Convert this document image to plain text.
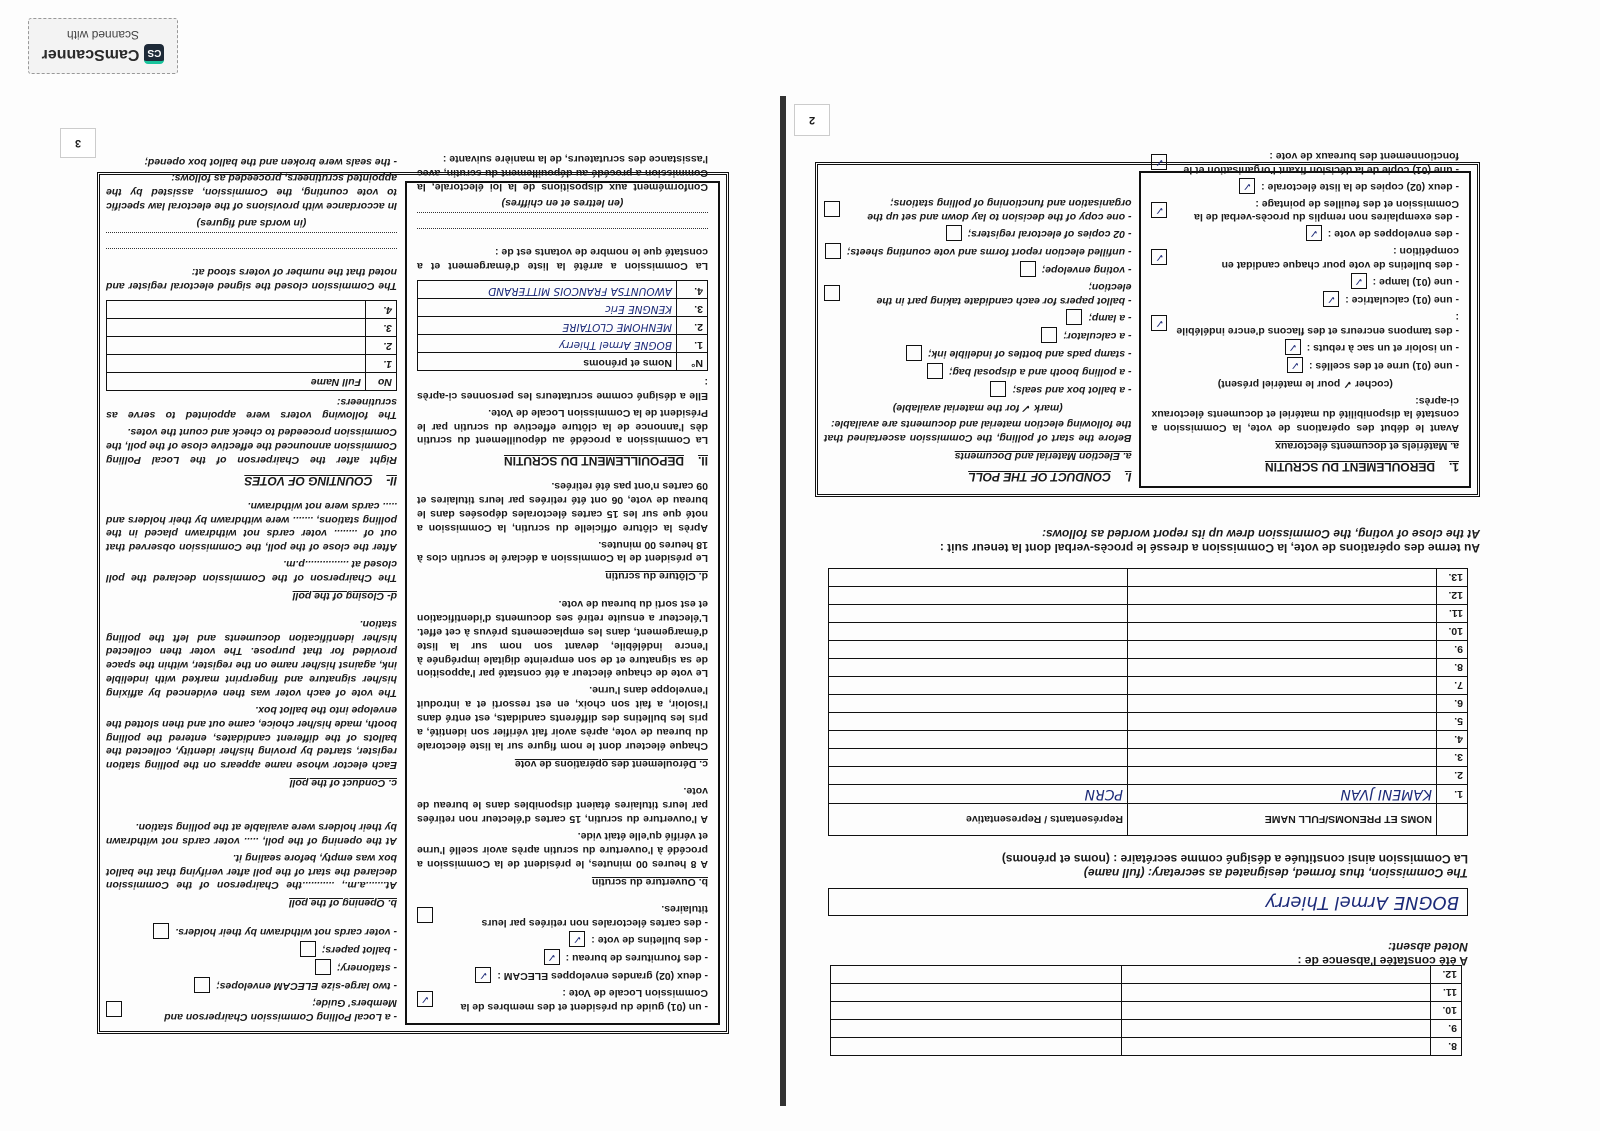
CS
CamScanner
Scanned with
3
2
1.DEROULEMENT DU SCRUTIN
a. Matériels et documents électoraux

Avant le début des opérations de vote, la Commission a constaté la disponibilité du matériel et documents électoraux ci-après:

(cocher ✓ pour le matériel présent)

- une (01) urne et des scellés :
✓
- un isoloir et un sac à rebuts :
✓
- des tampons encreurs et des flacons d'encre indélébile :
✓
- une (01) calculatrice :
✓
- une (01) lampe :
✓
- des bulletins de vote pour chaque candidat en compétition :
✓
- des enveloppes de vote :
✓
- des exemplaires non remplis du procès-verbal de la Commission et des feuilles de pointage :
✓
- deux (02) copies de la liste électorale :
✓
- une (01) copie de la décision fixant l'organisation et le fonctionnement des bureaux de vote :
✓
I.CONDUCT OF THE POLL
a. Election Material and Documents

Before the start of polling, the Commission ascertained that the following election material and documents are available:

(mark ✓ for the material available)

- a ballot box and seals;
- a polling booth and a disposal bag;
- stamp pads and bottles of indelible ink;
- a calculator;
- a lamp;
- ballot papers for each candidate taking part in the election;
- voting envelope;
- unfilled election report forms and vote counting sheets;
- 02 copies of electoral registers;
- one copy of the decision to lay down and set up the organisation and functioning of polling stations;
Au terme des opérations de vote, la Commission a dressé le procès-verbal dont la teneur suit :
At the close of voting, the Commission drew up its report worded as follows:
	NOMS ET PRENOMS/FULL NAME	Représentants / Representative
1.	KAMENI JVAN	PCRN
2.		
3.		
4.		
5.		
6.		
7.		
8.		
9.		
10.		
11.		
12.		
13.		
A été constatée l'absence de :
Noted absent:
BOGNE Armel Thierry
The Commission, thus formed, designated as secretary: (full name)
La Commission ainsi constituée a désigné comme secrétaire : (noms et prénoms)
8.		
9.		
10.		
11.		
12.		
- un (01) guide du président et des membres de la Commission Locale de Vote :
✓
- deux (02) grandes enveloppes ELECAM :
✓
- des fournitures de bureau :
✓
- des bulletins de vote :
✓
- des cartes électorales non retirées par leurs titulaires.
b. Ouverture du scrutin

A 8 heures 00 minutes, le président de la Commission a procédé à l'ouverture du scrutin après avoir scellé l'urne et vérifié qu'elle était vide.

A l'ouverture du scrutin, 15 cartes d'électeur non retirées par leurs titulaires étaient disponibles dans le bureau de vote.

c. Déroulement des opérations de vote

Chaque électeur dont le nom figure sur la liste électorale du bureau de vote, après avoir fait vérifier son identité, a pris les bulletins des différents candidats, est entré dans l'isoloir, a fait son choix, en est ressorti et a introduit l'enveloppe dans l'urne.

Le vote de chaque électeur a été constaté par l'apposition de sa signature et de son empreinte digitale imprégnée à l'encre indélébile, devant son nom sur la liste d'émargement, dans les emplacements prévus à cet effet. L'électeur a ensuite retiré ses documents d'identification et est sorti du bureau de vote.

d. Clôture du scrutin

Le président de la Commission a déclaré le scrutin clos à 18 heures 00 minutes.

Après la clôture officielle du scrutin, la Commission a noté que sur les 15 cartes électorales déposées dans le bureau de vote, 06 ont été retirées par leurs titulaires et 09 cartes n'ont pas été retirées.

II.DEPOUILLEMENT DU SCRUTIN

La Commission a procédé au dépouillement du scrutin dès l'annonce de la clôture effective du scrutin par le Président de la Commission Locale de Vote.

Elle a désigné comme scrutateurs les personnes ci-après :

N°	Noms et prénoms
1.	BOGNE Armel Thierry
2.	MENHOME CLOTAIRE
3.	KENGNE Eric
4.	AWOUNTSA FRANCOIS MITTERAND

La Commission a arrêté la liste d'émargement et a constaté que le nombre de votants est de :

(en lettres et en chiffres)

Conformément aux dispositions de la loi électorale, la Commission a procédé au dépouillement du scrutin, avec l'assistance des scrutateurs, de la manière suivante :

- a Local Polling Commission Chairperson and Members' Guide;
- two large-size ELECAM envelopes;
- stationery;
- ballot papers;
- voter cards not withdrawn by their holders.
b. Opening of the poll

At.......a.m., ...........the Chairperson of the Commission declared the start of the poll after verifying that the ballot box was empty, before sealing it.

At the opening of the poll, ..... voter cards not withdrawn by their holders were available at the polling station.

c. Conduct of the poll

Each elector whose name appears on the polling station register, started by proving his/her identity, collected the ballots of the different candidates, entered the polling booth, made his/her choice, came out and then slotted the envelope into the ballot box.

The vote of each voter was then evidenced by affixing his/her signature and fingerprint marked with indelible ink, against his/her name on the register, within the space provided for that purpose. The voter then collected his/her identification documents and left the polling station.

d- Closing of the poll

The Chairperson of the Commission declared the poll closed at ...............p.m.

After the close of the poll, the Commission observed that out of ........ voter cards not withdrawn placed in the polling stations, ....... were withdrawn by their holders and ..... cards were not withdrawn.

II-COUNTING OF VOTES

Right after the Chairperson of the Local Polling Commission announced the effective close of the poll, the Commission proceeded to check and count the votes.

The following voters were appointed to serve as scrutineers:

No	Full Name
1.	
2.	
3.	
4.	

The Commission closed the signed electoral register and noted that the number of voters stood at:

(in words and figures)

In accordance with provisions of the electoral law specific to vote counting, the Commission, assisted by the appointed scrutineers, proceeded as follows:

- the seals were broken and the ballot box opened;
